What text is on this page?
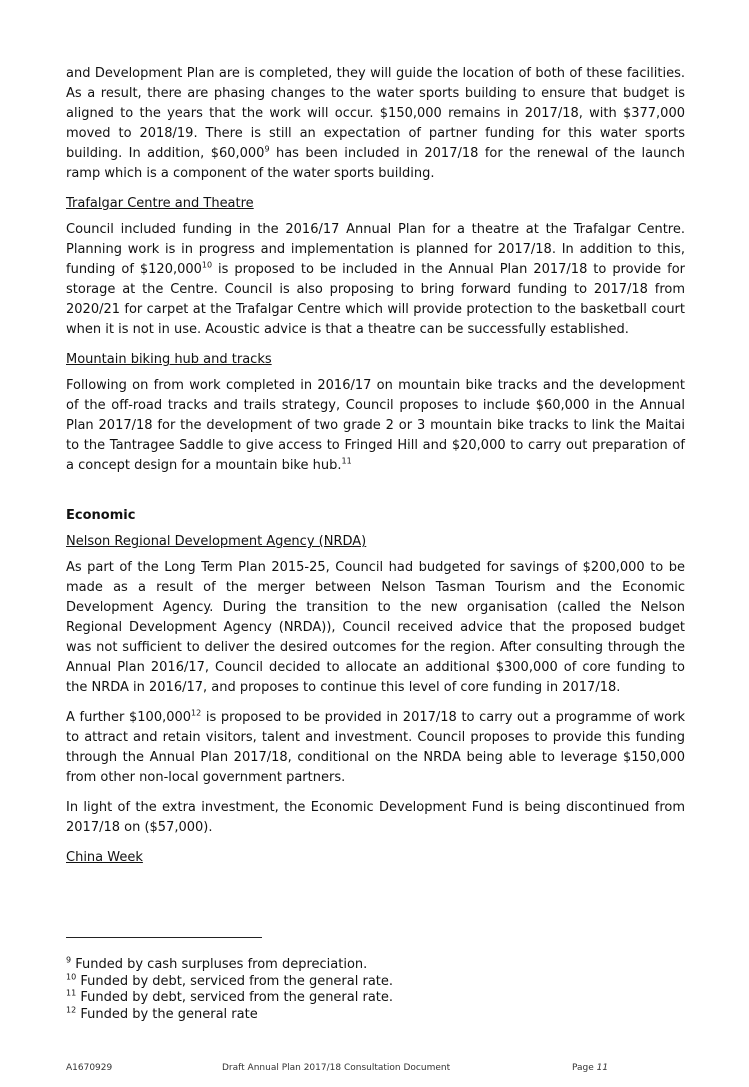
and Development Plan are is completed, they will guide the location of both of these facilities. As a result, there are phasing changes to the water sports building to ensure that budget is aligned to the years that the work will occur. $150,000 remains in 2017/18, with $377,000 moved to 2018/19. There is still an expectation of partner funding for this water sports building. In addition, $60,000$^9$ has been included in 2017/18 for the renewal of the launch ramp which is a component of the water sports building.

Trafalgar Centre and Theatre

Council included funding in the 2016/17 Annual Plan for a theatre at the Trafalgar Centre. Planning work is in progress and implementation is planned for 2017/18. In addition to this, funding of $120,000$^{10}$ is proposed to be included in the Annual Plan 2017/18 to provide for storage at the Centre. Council is also proposing to bring forward funding to 2017/18 from 2020/21 for carpet at the Trafalgar Centre which will provide protection to the basketball court when it is not in use. Acoustic advice is that a theatre can be successfully established.

Mountain biking hub and tracks

Following on from work completed in 2016/17 on mountain bike tracks and the development of the off-road tracks and trails strategy, Council proposes to include $60,000 in the Annual Plan 2017/18 for the development of two grade 2 or 3 mountain bike tracks to link the Maitai to the Tantragee Saddle to give access to Fringed Hill and $20,000 to carry out preparation of a concept design for a mountain bike hub.$^{11}$

Economic

Nelson Regional Development Agency (NRDA)

As part of the Long Term Plan 2015-25, Council had budgeted for savings of $200,000 to be made as a result of the merger between Nelson Tasman Tourism and the Economic Development Agency. During the transition to the new organisation (called the Nelson Regional Development Agency (NRDA)), Council received advice that the proposed budget was not sufficient to deliver the desired outcomes for the region. After consulting through the Annual Plan 2016/17, Council decided to allocate an additional $300,000 of core funding to the NRDA in 2016/17, and proposes to continue this level of core funding in 2017/18.

A further $100,000$^{12}$ is proposed to be provided in 2017/18 to carry out a programme of work to attract and retain visitors, talent and investment. Council proposes to provide this funding through the Annual Plan 2017/18, conditional on the NRDA being able to leverage $150,000 from other non-local government partners.

In light of the extra investment, the Economic Development Fund is being discontinued from 2017/18 on ($57,000).

China Week

$^9$ Funded by cash surpluses from depreciation.
$^{10}$ Funded by debt, serviced from the general rate.
$^{11}$ Funded by debt, serviced from the general rate.
$^{12}$ Funded by the general rate
A1670929	Draft Annual Plan 2017/18 Consultation Document	Page 11
